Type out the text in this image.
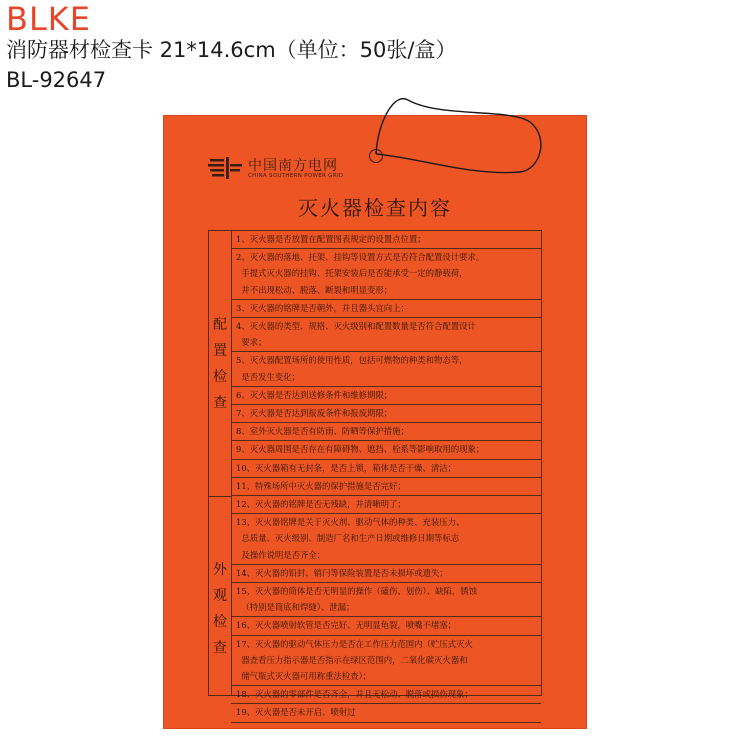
BLKE
消防器材检查卡 21*14.6cm（单位：50张/盒）
BL-92647
中国南方电网
CHINA SOUTHERN POWER GRID
灭火器检查内容
配
置
检
查
外
观
检
查
1、灭火器是否放置在配置图表规定的设置点位置；
2、灭火器的落地、托架、挂钩等设置方式是否符合配置设计要求。
手提式灭火器的挂钩、托架安装后是否能承受一定的静载荷，
并不出现松动、脱落、断裂和明显变形；
3、灭火器的铭牌是否朝外，并且器头宜向上；
4、灭火器的类型、规格、灭火级别和配置数量是否符合配置设计
要求；
5、灭火器配置场所的使用性质，包括可燃物的种类和物态等，
是否发生变化；
6、灭火器是否达到送修条件和维修期限；
7、灭火器是否达到报废条件和报废期限；
8、室外灭火器是否有防雨、防晒等保护措施；
9、灭火器周围是否存在有障碍物、遮挡、栓系等影响取用的现象；
10、灭火器箱有无封条，是否上锁，箱体是否干燥、清洁；
11、特殊场所中灭火器的保护措施是否完好；
12、灭火器的铭牌是否无残缺，并清晰明了；
13、灭火器铭牌是关于灭火剂、驱动气体的种类、充装压力、
总质量、灭火级别、制造厂名和生产日期或维修日期等标志
及操作说明是否齐全；
14、灭火器的铅封、销闩等保险装置是否未损坏或遗失；
15、灭火器的筒体是否无明显的操作（磕伤、划伤）、缺陷，锈蚀
（特别是筒底和焊缝）、泄漏；
16、灭火器喷射软管是否完好、无明显龟裂，喷嘴不堵塞；
17、灭火器的驱动气体压力是否在工作压力范围内（贮压式灭火
器查看压力指示器是否指示在绿区范围内，二氧化碳灭火器和
储气瓶式灭火器可用称重法检查）；
18、灭火器的零部件是否齐全，并且无松动、脱落或损伤现象；
19、灭火器是否未开启、喷射过
